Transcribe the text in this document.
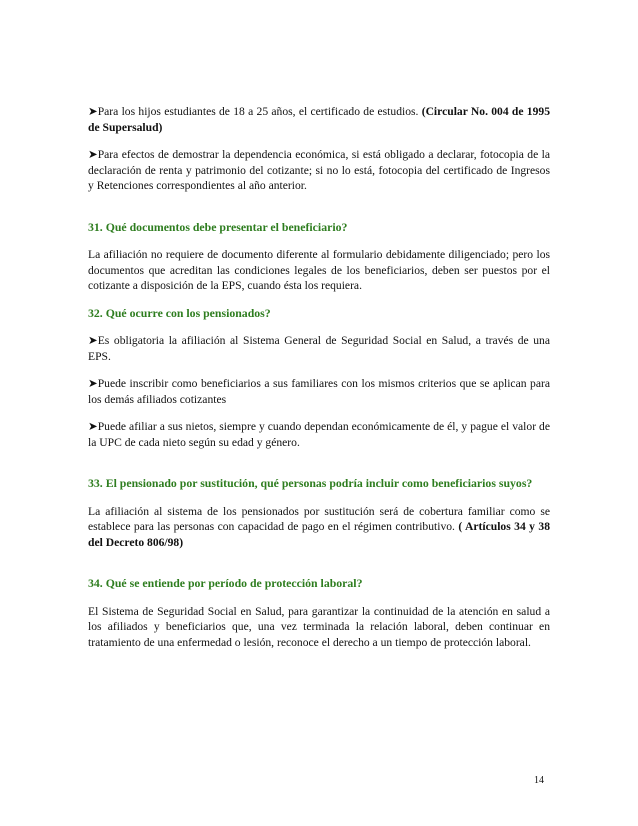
➤Para los hijos estudiantes de 18 a 25 años, el certificado de estudios. (Circular No. 004 de 1995 de Supersalud)

➤Para efectos de demostrar la dependencia económica, si está obligado a declarar, fotocopia de la declaración de renta y patrimonio del cotizante; si no lo está, fotocopia del certificado de Ingresos y Retenciones correspondientes al año anterior.

31. Qué documentos debe presentar el beneficiario?

La afiliación no requiere de documento diferente al formulario debidamente diligenciado; pero los documentos que acreditan las condiciones legales de los beneficiarios, deben ser puestos por el cotizante a disposición de la EPS, cuando ésta los requiera.

32. Qué ocurre con los pensionados?

➤Es obligatoria la afiliación al Sistema General de Seguridad Social en Salud, a través de una EPS.

➤Puede inscribir como beneficiarios a sus familiares con los mismos criterios que se aplican para los demás afiliados cotizantes

➤Puede afiliar a sus nietos, siempre y cuando dependan económicamente de él, y pague el valor de la UPC de cada nieto según su edad y género.

33. El pensionado por sustitución, qué personas podría incluir como beneficiarios suyos?

La afiliación al sistema de los pensionados por sustitución será de cobertura familiar como se establece para las personas con capacidad de pago en el régimen contributivo. ( Artículos 34 y 38 del Decreto 806/98)

34. Qué se entiende por período de protección laboral?

El Sistema de Seguridad Social en Salud, para garantizar la continuidad de la atención en salud a los afiliados y beneficiarios que, una vez terminada la relación laboral, deben continuar en tratamiento de una enfermedad o lesión, reconoce el derecho a un tiempo de protección laboral.

14
